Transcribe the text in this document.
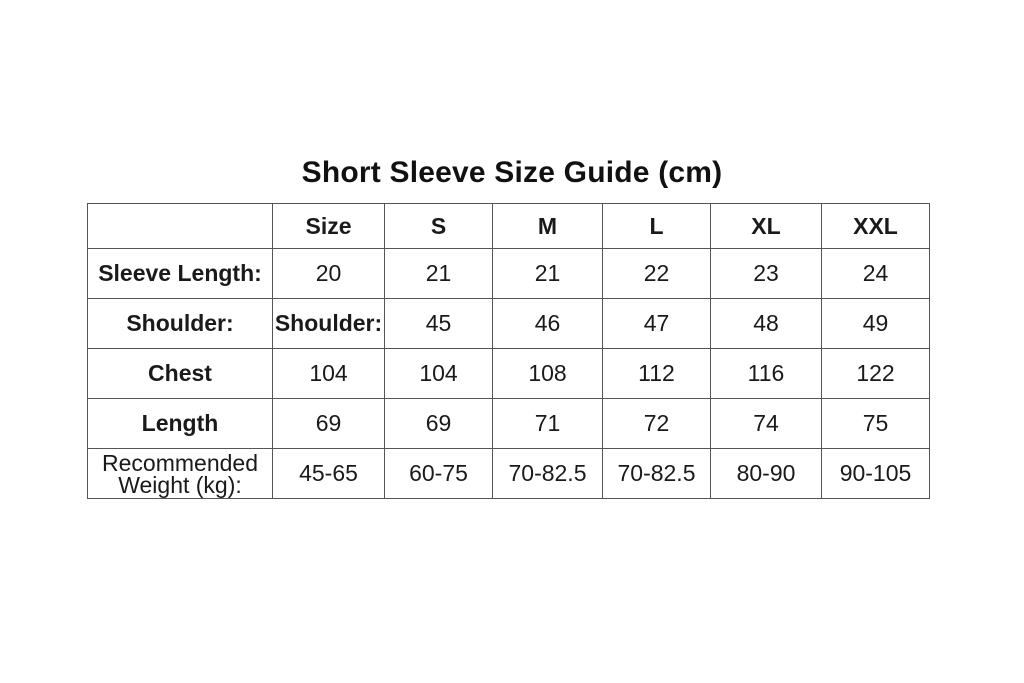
Short Sleeve Size Guide (cm)
	Size	S	M	L	XL	XXL
Sleeve Length:	20	21	21	22	23	24
Shoulder:	Shoulder:	45	46	47	48	49
Chest	104	104	108	112	116	122
Length	69	69	71	72	74	75
Recommended
Weight (kg):	45-65	60-75	70-82.5	70-82.5	80-90	90-105
